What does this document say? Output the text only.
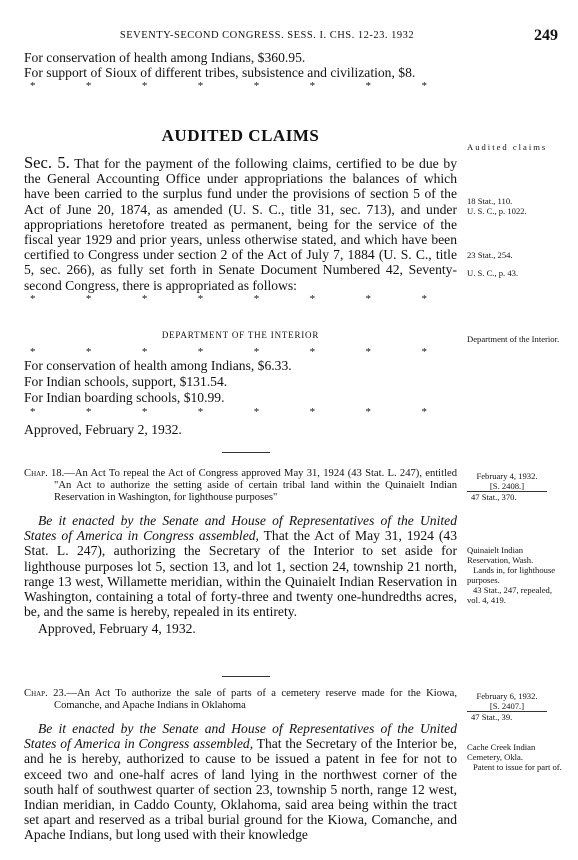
SEVENTY-SECOND CONGRESS. SESS. I. CHS. 12-23. 1932	249

For conservation of health among Indians, $360.95.

For support of Sioux of different tribes, subsistence and civilization, $8.

*	*	*	*	*	*	*	*
AUDITED CLAIMS

Sec. 5. That for the payment of the following claims, certified to be due by the General Accounting Office under appropriations the balances of which have been carried to the surplus fund under the provisions of section 5 of the Act of June 20, 1874, as amended (U. S. C., title 31, sec. 713), and under appropriations heretofore treated as permanent, being for the service of the fiscal year 1929 and prior years, unless otherwise stated, and which have been certified to Congress under section 2 of the Act of July 7, 1884 (U. S. C., title 5, sec. 266), as fully set forth in Senate Document Numbered 42, Seventy-second Congress, there is appropriated as follows:

*	*	*	*	*	*	*	*
DEPARTMENT OF THE INTERIOR
*	*	*	*	*	*	*	*

For conservation of health among Indians, $6.33.

For Indian schools, support, $131.54.

For Indian boarding schools, $10.99.

*	*	*	*	*	*	*	*

Approved, February 2, 1932.

Chap. 18.—An Act To repeal the Act of Congress approved May 31, 1924 (43 Stat. L. 247), entitled "An Act to authorize the setting aside of certain tribal land within the Quinaielt Indian Reservation in Washington, for lighthouse purposes"

Be it enacted by the Senate and House of Representatives of the United States of America in Congress assembled, That the Act of May 31, 1924 (43 Stat. L. 247), authorizing the Secretary of the Interior to set aside for lighthouse purposes lot 5, section 13, and lot 1, section 24, township 21 north, range 13 west, Willamette meridian, within the Quinaielt Indian Reservation in Washington, containing a total of forty-three and twenty one-hundredths acres, be, and the same is hereby, repealed in its entirety.

Approved, February 4, 1932.

Chap. 23.—An Act To authorize the sale of parts of a cemetery reserve made for the Kiowa, Comanche, and Apache Indians in Oklahoma

Be it enacted by the Senate and House of Representatives of the United States of America in Congress assembled, That the Secretary of the Interior be, and he is hereby, authorized to cause to be issued a patent in fee for not to exceed two and one-half acres of land lying in the northwest corner of the south half of southwest quarter of section 23, township 5 north, range 12 west, Indian meridian, in Caddo County, Oklahoma, said area being within the tract set apart and reserved as a tribal burial ground for the Kiowa, Comanche, and Apache Indians, but long used with their knowledge

Audited claims

18 Stat., 110.

U. S. C., p. 1022.

23 Stat., 254.

U. S. C., p. 43.

Department of the Interior.

February 4, 1932.

[S. 2408.]

47 Stat., 370.

Quinaielt Indian Reservation, Wash.

Lands in, for lighthouse purposes.

43 Stat., 247, repealed, vol. 4, 419.

February 6, 1932.

[S. 2407.]

47 Stat., 39.

Cache Creek Indian Cemetery, Okla.

Patent to issue for part of.
